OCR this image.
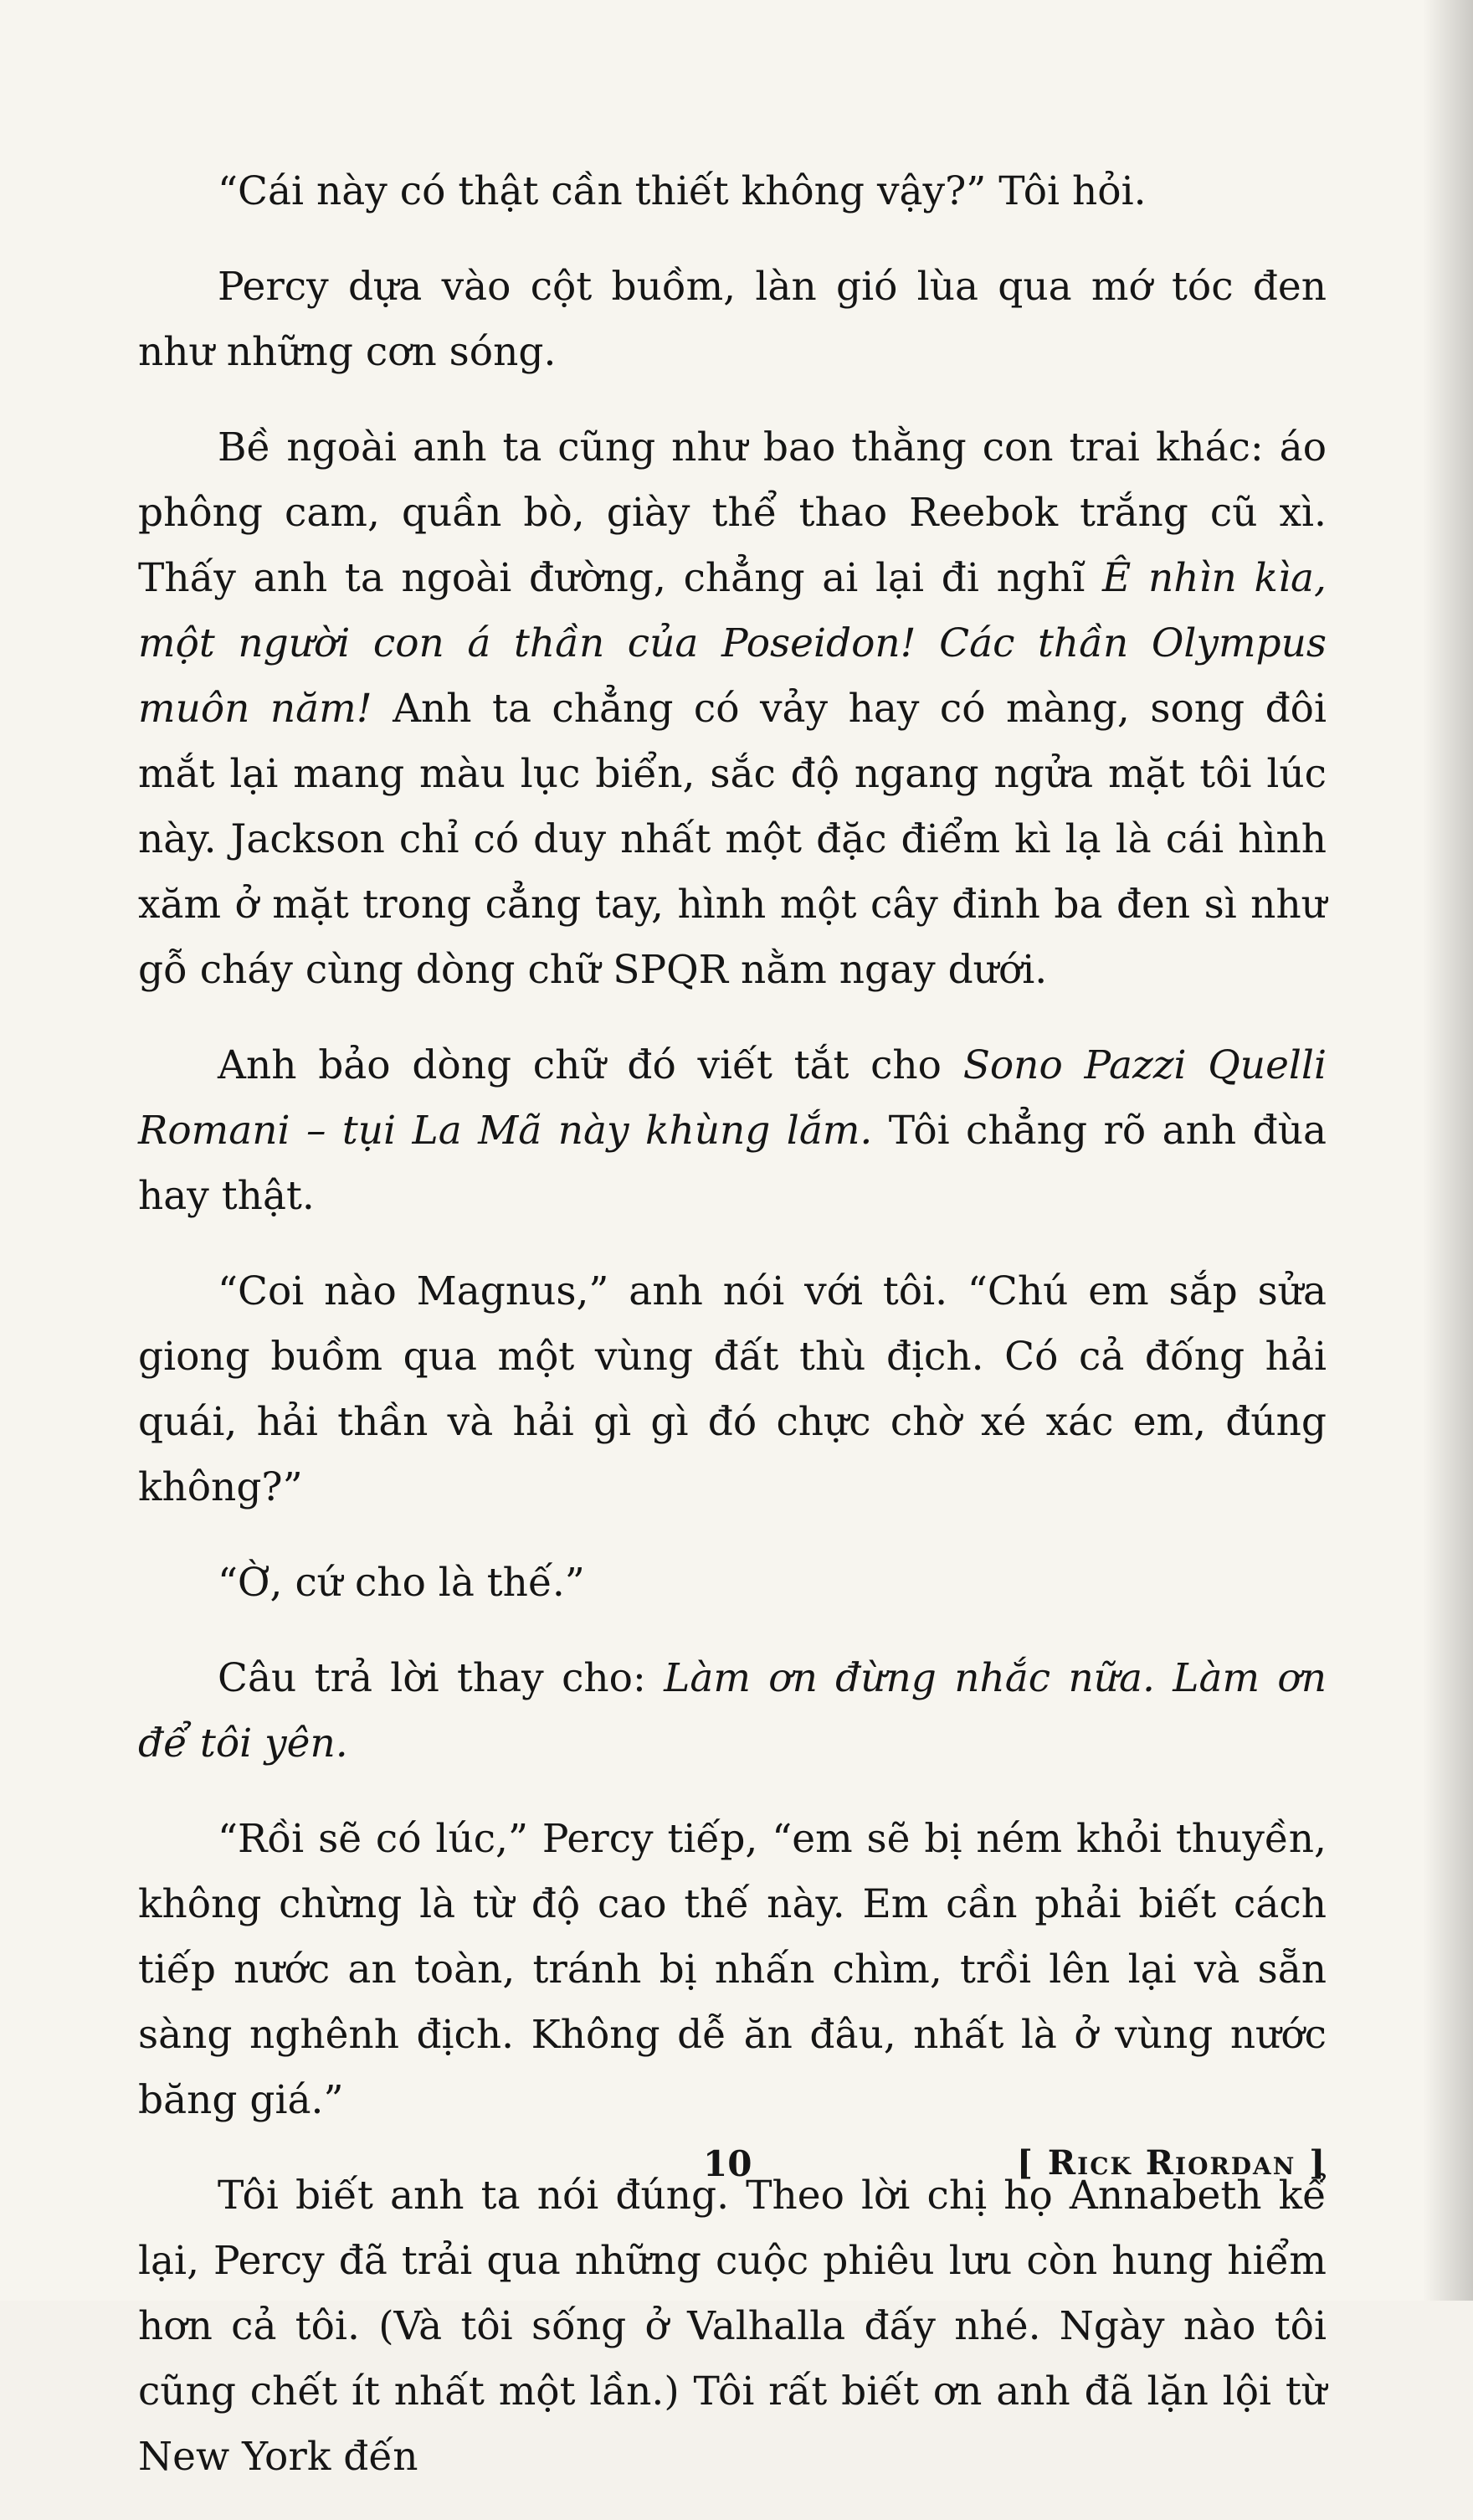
“Cái này có thật cần thiết không vậy?” Tôi hỏi.

Percy dựa vào cột buồm, làn gió lùa qua mớ tóc đen như những cơn sóng.

Bề ngoài anh ta cũng như bao thằng con trai khác: áo phông cam, quần bò, giày thể thao Reebok trắng cũ xì. Thấy anh ta ngoài đường, chẳng ai lại đi nghĩ Ê nhìn kìa, một người con á thần của Poseidon! Các thần Olympus muôn năm! Anh ta chẳng có vảy hay có màng, song đôi mắt lại mang màu lục biển, sắc độ ngang ngửa mặt tôi lúc này. Jackson chỉ có duy nhất một đặc điểm kì lạ là cái hình xăm ở mặt trong cẳng tay, hình một cây đinh ba đen sì như gỗ cháy cùng dòng chữ SPQR nằm ngay dưới.

Anh bảo dòng chữ đó viết tắt cho Sono Pazzi Quelli Romani – tụi La Mã này khùng lắm. Tôi chẳng rõ anh đùa hay thật.

“Coi nào Magnus,” anh nói với tôi. “Chú em sắp sửa giong buồm qua một vùng đất thù địch. Có cả đống hải quái, hải thần và hải gì gì đó chực chờ xé xác em, đúng không?”

“Ờ, cứ cho là thế.”

Câu trả lời thay cho: Làm ơn đừng nhắc nữa. Làm ơn để tôi yên.

“Rồi sẽ có lúc,” Percy tiếp, “em sẽ bị ném khỏi thuyền, không chừng là từ độ cao thế này. Em cần phải biết cách tiếp nước an toàn, tránh bị nhấn chìm, trồi lên lại và sẵn sàng nghênh địch. Không dễ ăn đâu, nhất là ở vùng nước băng giá.”

Tôi biết anh ta nói đúng. Theo lời chị họ Annabeth kể lại, Percy đã trải qua những cuộc phiêu lưu còn hung hiểm hơn cả tôi. (Và tôi sống ở Valhalla đấy nhé. Ngày nào tôi cũng chết ít nhất một lần.) Tôi rất biết ơn anh đã lặn lội từ New York đến

10	[ Rick Riordan ]
